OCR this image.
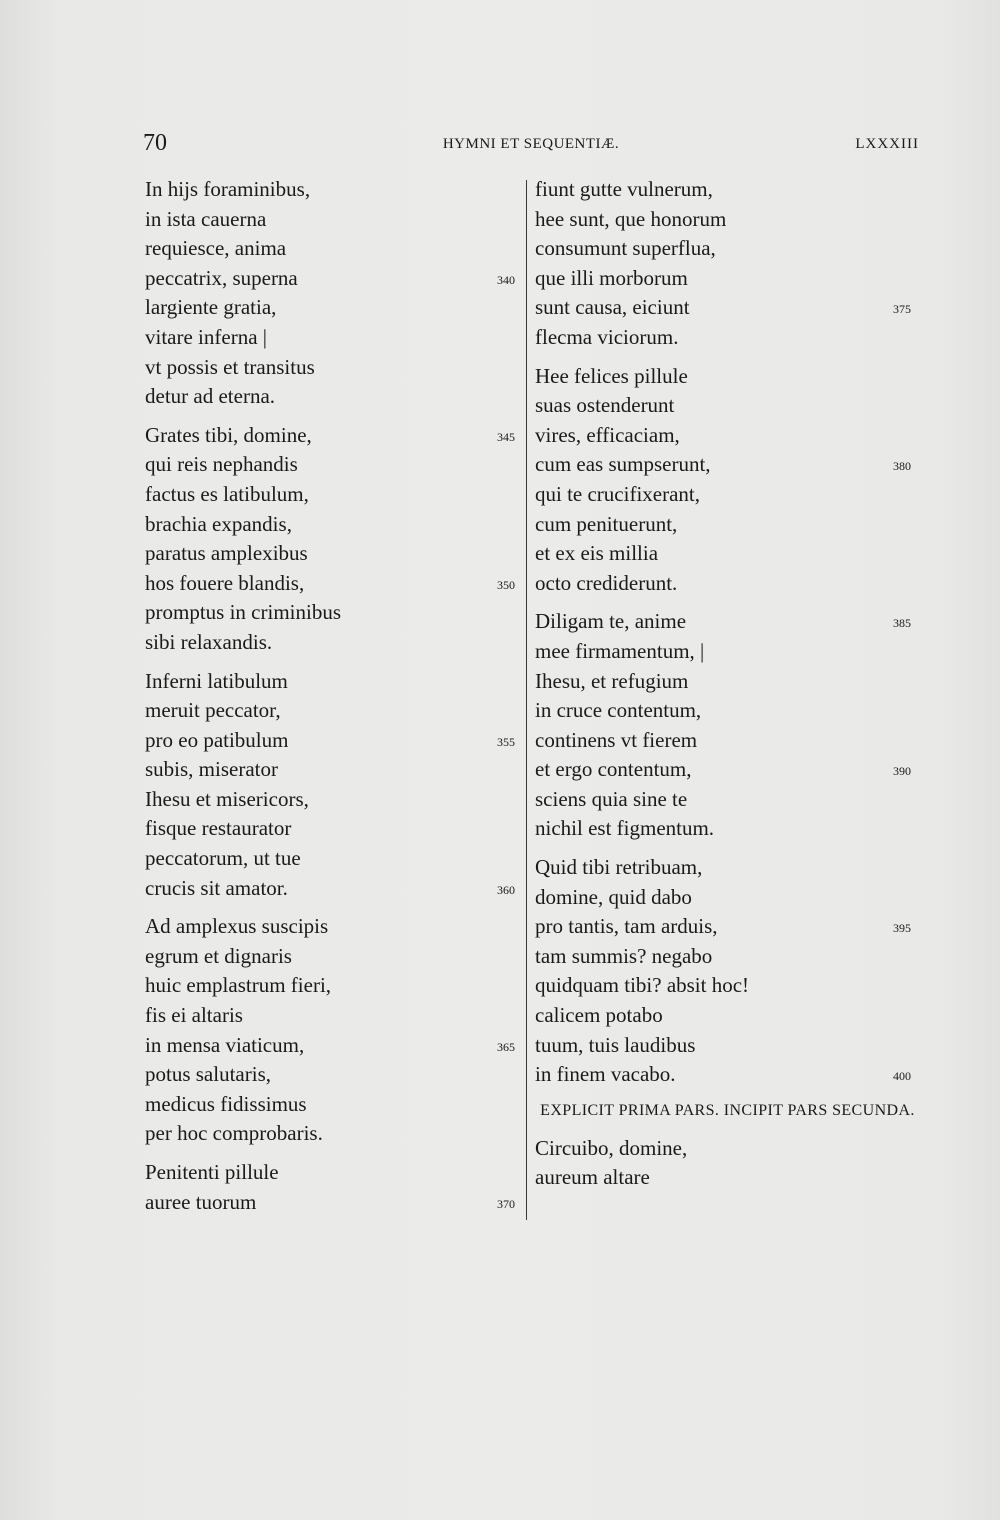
70	HYMNI ET SEQUENTIÆ.	LXXXIII
In hijs foraminibus,
in ista cauerna
requiesce, anima
peccatrix, superna	340
largiente gratia,
vitare inferna |
vt possis et transitus
detur ad eterna.
Grates tibi, domine,	345
qui reis nephandis
factus es latibulum,
brachia expandis,
paratus amplexibus
hos fouere blandis,	350
promptus in criminibus
sibi relaxandis.
Inferni latibulum
meruit peccator,
pro eo patibulum	355
subis, miserator
Ihesu et misericors,
fisque restaurator
peccatorum, ut tue
crucis sit amator.	360
Ad amplexus suscipis
egrum et dignaris
huic emplastrum fieri,
fis ei altaris
in mensa viaticum,	365
potus salutaris,
medicus fidissimus
per hoc comprobaris.
Penitenti pillule
auree tuorum	370
fiunt gutte vulnerum,
hee sunt, que honorum
consumunt superflua,
que illi morborum
sunt causa, eiciunt	375
flecma viciorum.
Hee felices pillule
suas ostenderunt
vires, efficaciam,
cum eas sumpserunt,	380
qui te crucifixerant,
cum penituerunt,
et ex eis millia
octo crediderunt.
Diligam te, anime	385
mee firmamentum, |
Ihesu, et refugium
in cruce contentum,
continens vt fierem
et ergo contentum,	390
sciens quia sine te
nichil est figmentum.
Quid tibi retribuam,
domine, quid dabo
pro tantis, tam arduis,	395
tam summis? negabo
quidquam tibi? absit hoc!
calicem potabo
tuum, tuis laudibus
in finem vacabo.	400
EXPLICIT PRIMA PARS. INCIPIT PARS SECUNDA.
Circuibo, domine,
aureum altare
